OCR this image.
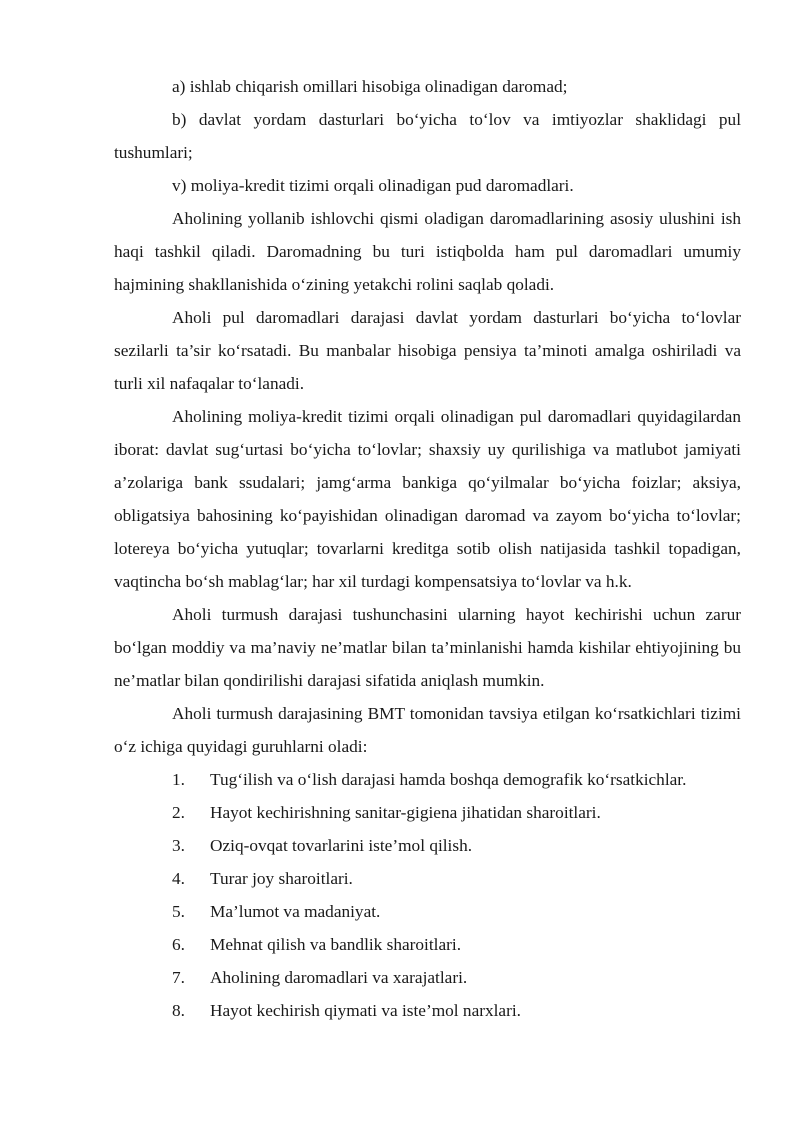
a) ishlab chiqarish omillari hisobiga olinadigan daromad;

b) davlat yordam dasturlari bo‘yicha to‘lov va imtiyozlar shaklidagi pul tushumlari;

v) moliya-kredit tizimi orqali olinadigan pud daromadlari.

Aholining yollanib ishlovchi qismi oladigan daromadlarining asosiy ulushini ish haqi tashkil qiladi. Daromadning bu turi istiqbolda ham pul daromadlari umumiy hajmining shakllanishida o‘zining yetakchi rolini saqlab qoladi.

Aholi pul daromadlari darajasi davlat yordam dasturlari bo‘yicha to‘lovlar sezilarli ta’sir ko‘rsatadi. Bu manbalar hisobiga pensiya ta’minoti amalga oshiriladi va turli xil nafaqalar to‘lanadi.

Aholining moliya-kredit tizimi orqali olinadigan pul daromadlari quyidagilardan iborat: davlat sug‘urtasi bo‘yicha to‘lovlar; shaxsiy uy qurilishiga va matlubot jamiyati a’zolariga bank ssudalari; jamg‘arma bankiga qo‘yilmalar bo‘yicha foizlar; aksiya, obligatsiya bahosining ko‘payishidan olinadigan daromad va zayom bo‘yicha to‘lovlar; lotereya bo‘yicha yutuqlar; tovarlarni kreditga sotib olish natijasida tashkil topadigan, vaqtincha bo‘sh mablag‘lar; har xil turdagi kompensatsiya to‘lovlar va h.k.

Aholi turmush darajasi tushunchasini ularning hayot kechirishi uchun zarur bo‘lgan moddiy va ma’naviy ne’matlar bilan ta’minlanishi hamda kishilar ehtiyojining bu ne’matlar bilan qondirilishi darajasi sifatida aniqlash mumkin.

Aholi turmush darajasining BMT tomonidan tavsiya etilgan ko‘rsatkichlari tizimi o‘z ichiga quyidagi guruhlarni oladi:

1. Tug‘ilish va o‘lish darajasi hamda boshqa demografik ko‘rsatkichlar.
2. Hayot kechirishning sanitar-gigiena jihatidan sharoitlari.
3. Oziq-ovqat tovarlarini iste’mol qilish.
4. Turar joy sharoitlari.
5. Ma’lumot va madaniyat.
6. Mehnat qilish va bandlik sharoitlari.
7. Aholining daromadlari va xarajatlari.
8. Hayot kechirish qiymati va iste’mol narxlari.
